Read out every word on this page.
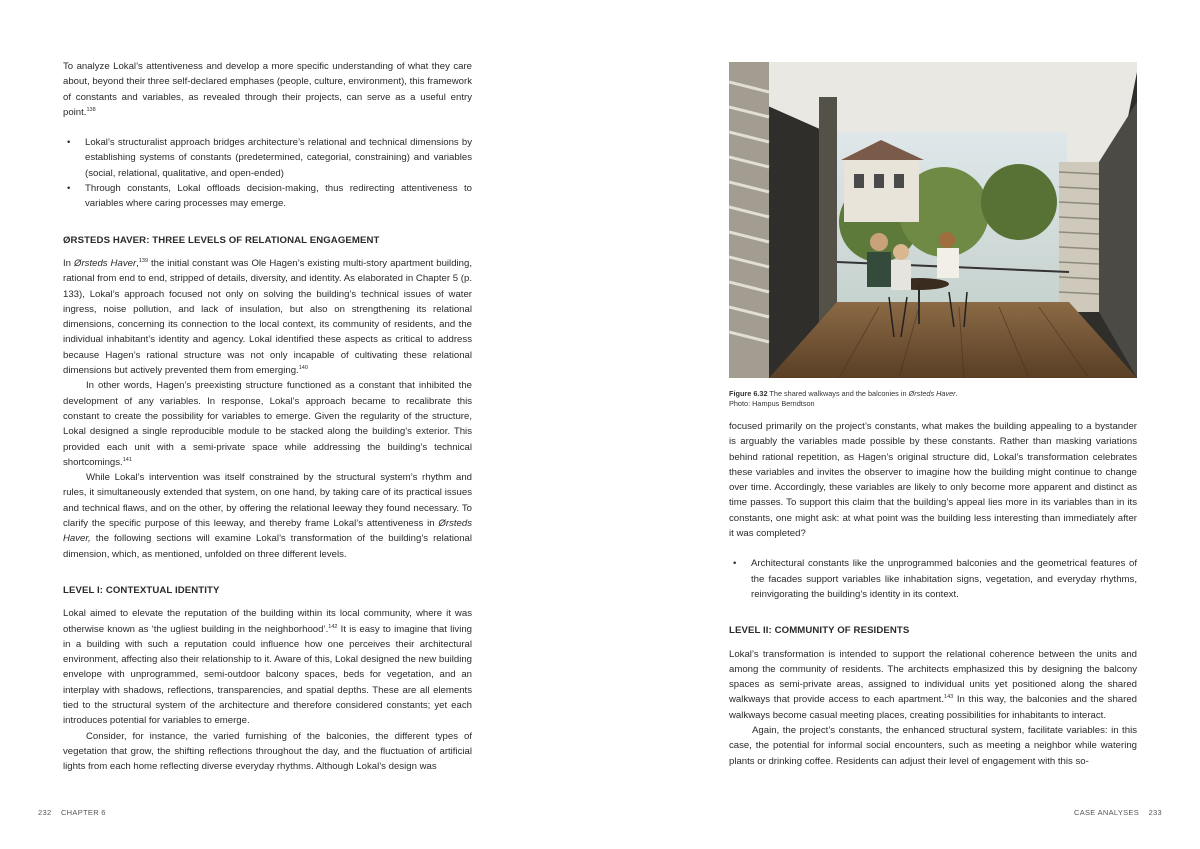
To analyze Lokal’s attentiveness and develop a more specific understanding of what they care about, beyond their three self-declared emphases (people, culture, environment), this framework of constants and variables, as revealed through their projects, can serve as a useful entry point.$^{138}$

• Lokal’s structuralist approach bridges architecture’s relational and technical dimensions by establishing systems of constants (predetermined, categorial, constraining) and variables (social, relational, qualitative, and open-ended)
• Through constants, Lokal offloads decision-making, thus redirecting attentiveness to variables where caring processes may emerge.
ØRSTEDS HAVER: THREE LEVELS OF RELATIONAL ENGAGEMENT

In Ørsteds Haver,$^{139}$ the initial constant was Ole Hagen’s existing multi-story apartment building, rational from end to end, stripped of details, diversity, and identity. As elaborated in Chapter 5 (p. 133), Lokal’s approach focused not only on solving the building’s technical issues of water ingress, noise pollution, and lack of insulation, but also on strengthening its relational dimensions, concerning its connection to the local context, its community of residents, and the individual inhabitant’s identity and agency. Lokal identified these aspects as critical to address because Hagen’s rational structure was not only incapable of cultivating these relational dimensions but actively prevented them from emerging.$^{140}$

In other words, Hagen’s preexisting structure functioned as a constant that inhibited the development of any variables. In response, Lokal’s approach became to recalibrate this constant to create the possibility for variables to emerge. Given the regularity of the structure, Lokal designed a single reproducible module to be stacked along the building’s exterior. This provided each unit with a semi-private space while addressing the building’s technical shortcomings.$^{141}$

While Lokal’s intervention was itself constrained by the structural system’s rhythm and rules, it simultaneously extended that system, on one hand, by taking care of its practical issues and technical flaws, and on the other, by offering the relational leeway they found necessary. To clarify the specific purpose of this leeway, and thereby frame Lokal’s attentiveness in Ørsteds Haver, the following sections will examine Lokal’s transformation of the building’s relational dimension, which, as mentioned, unfolded on three different levels.

LEVEL I: CONTEXTUAL IDENTITY

Lokal aimed to elevate the reputation of the building within its local community, where it was otherwise known as ‘the ugliest building in the neighborhood’.$^{142}$ It is easy to imagine that living in a building with such a reputation could influence how one perceives their architectural environment, affecting also their relationship to it. Aware of this, Lokal designed the new building envelope with unprogrammed, semi-outdoor balcony spaces, beds for vegetation, and an interplay with shadows, reflections, transparencies, and spatial depths. These are all elements tied to the structural system of the architecture and therefore considered constants; yet each introduces potential for variables to emerge.

Consider, for instance, the varied furnishing of the balconies, the different types of vegetation that grow, the shifting reflections throughout the day, and the fluctuation of artificial lights from each home reflecting diverse everyday rhythms. Although Lokal’s design was

232 CHAPTER 6
Figure 6.32 The shared walkways and the balconies in Ørsteds Haver.
Photo: Hampus Berndtson

focused primarily on the project’s constants, what makes the building appealing to a bystander is arguably the variables made possible by these constants. Rather than masking variations behind rational repetition, as Hagen’s original structure did, Lokal’s transformation celebrates these variables and invites the observer to imagine how the building might continue to change over time. Accordingly, these variables are likely to only become more apparent and distinct as time passes. To support this claim that the building’s appeal lies more in its variables than in its constants, one might ask: at what point was the building less interesting than immediately after it was completed?

• Architectural constants like the unprogrammed balconies and the geometrical features of the facades support variables like inhabitation signs, vegetation, and everyday rhythms, reinvigorating the building’s identity in its context.
LEVEL II: COMMUNITY OF RESIDENTS

Lokal’s transformation is intended to support the relational coherence between the units and among the community of residents. The architects emphasized this by designing the balcony spaces as semi-private areas, assigned to individual units yet positioned along the shared walkways that provide access to each apartment.$^{143}$ In this way, the balconies and the shared walkways become casual meeting places, creating possibilities for inhabitants to interact.

Again, the project’s constants, the enhanced structural system, facilitate variables: in this case, the potential for informal social encounters, such as meeting a neighbor while watering plants or drinking coffee. Residents can adjust their level of engagement with this so-

CASE ANALYSES 233
